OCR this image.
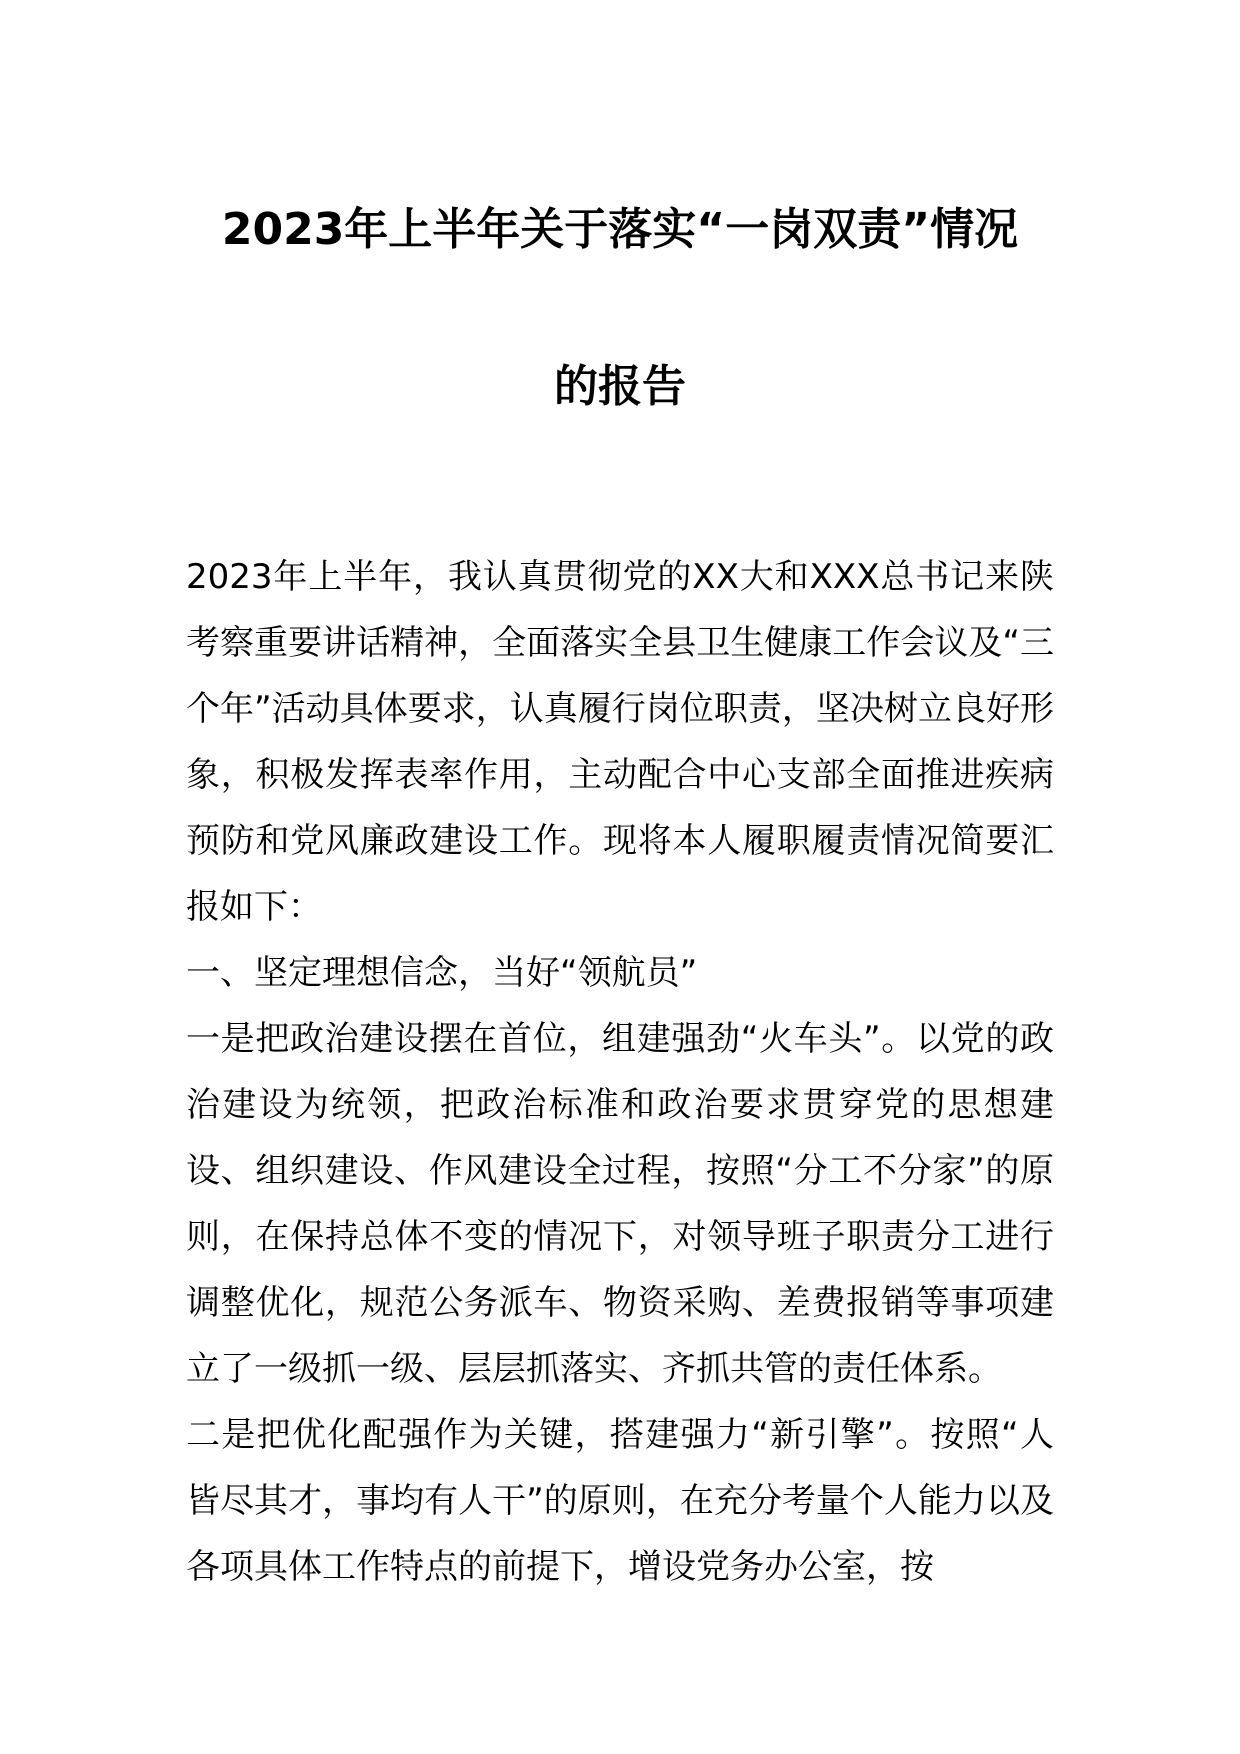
2023年上半年关于落实“一岗双责”情况
的报告

2023年上半年，我认真贯彻党的XX大和XXX总书记来陕考察重要讲话精神，全面落实全县卫生健康工作会议及“三个年”活动具体要求，认真履行岗位职责，坚决树立良好形象，积极发挥表率作用，主动配合中心支部全面推进疾病预防和党风廉政建设工作。现将本人履职履责情况简要汇报如下：

一、坚定理想信念，当好“领航员”

一是把政治建设摆在首位，组建强劲“火车头”。以党的政治建设为统领，把政治标准和政治要求贯穿党的思想建设、组织建设、作风建设全过程，按照“分工不分家”的原则，在保持总体不变的情况下，对领导班子职责分工进行调整优化，规范公务派车、物资采购、差费报销等事项建立了一级抓一级、层层抓落实、齐抓共管的责任体系。

二是把优化配强作为关键，搭建强力“新引擎”。按照“人皆尽其才，事均有人干”的原则，在充分考量个人能力以及各项具体工作特点的前提下，增设党务办公室，按
